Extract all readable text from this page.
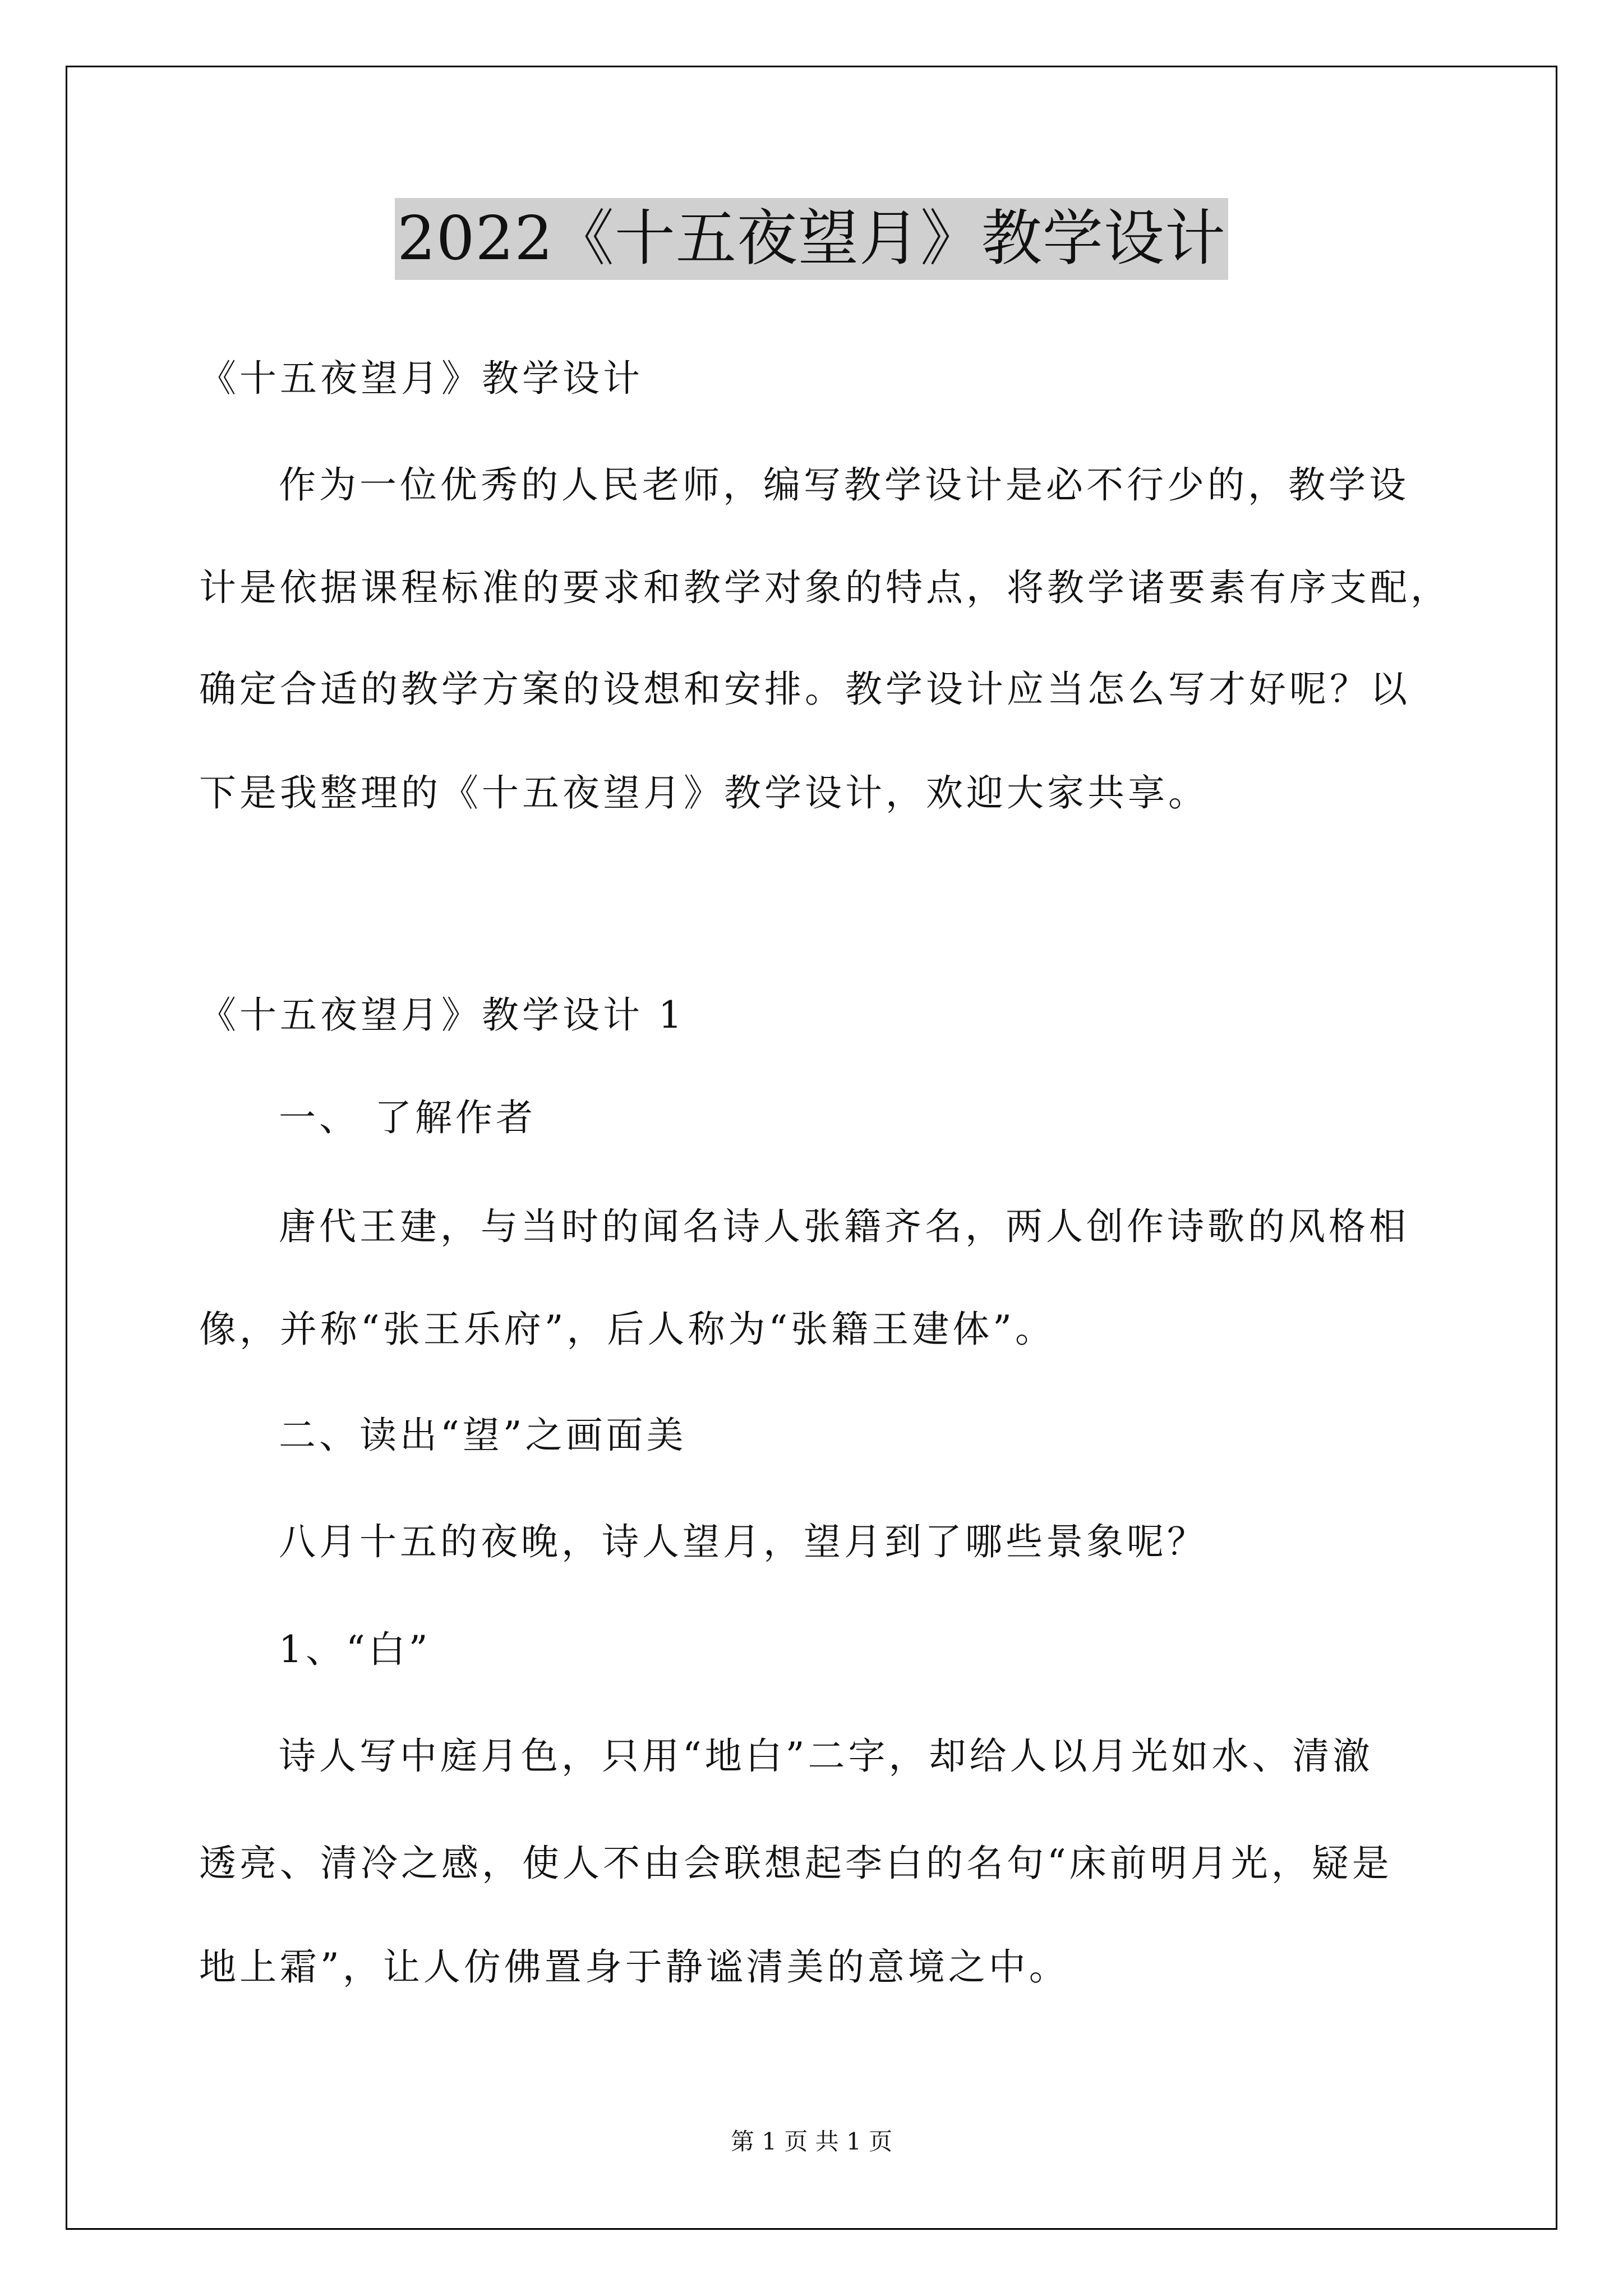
2022《十五夜望月》教学设计
《十五夜望月》教学设计
作为一位优秀的人民老师，编写教学设计是必不行少的，教学设
计是依据课程标准的要求和教学对象的特点，将教学诸要素有序支配，
确定合适的教学方案的设想和安排。教学设计应当怎么写才好呢？以
下是我整理的《十五夜望月》教学设计，欢迎大家共享。
《十五夜望月》教学设计 1
一、 了解作者
唐代王建，与当时的闻名诗人张籍齐名，两人创作诗歌的风格相
像，并称“张王乐府”，后人称为“张籍王建体”。
二、读出“望”之画面美
八月十五的夜晚，诗人望月，望月到了哪些景象呢？
1、“白”
诗人写中庭月色，只用“地白”二字，却给人以月光如水、清澈
透亮、清冷之感，使人不由会联想起李白的名句“床前明月光，疑是
地上霜”，让人仿佛置身于静谧清美的意境之中。
第 1 页 共 1 页
